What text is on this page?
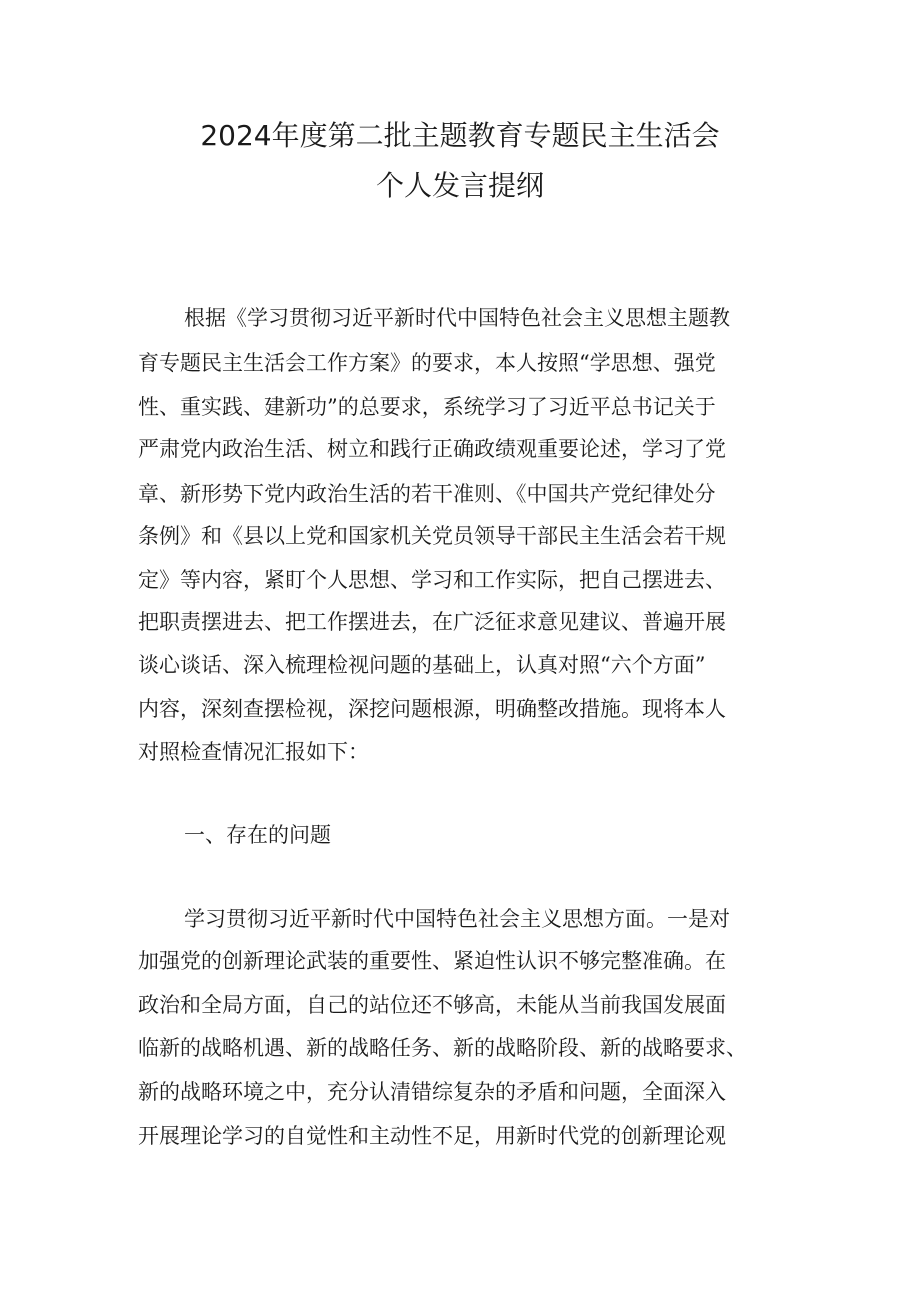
2024年度第二批主题教育专题民主生活会
个人发言提纲
根据《学习贯彻习近平新时代中国特色社会主义思想主题教
育专题民主生活会工作方案》的要求，本人按照“学思想、强党
性、重实践、建新功”的总要求，系统学习了习近平总书记关于
严肃党内政治生活、树立和践行正确政绩观重要论述，学习了党
章、新形势下党内政治生活的若干准则、《中国共产党纪律处分
条例》和《县以上党和国家机关党员领导干部民主生活会若干规
定》等内容，紧盯个人思想、学习和工作实际，把自己摆进去、
把职责摆进去、把工作摆进去，在广泛征求意见建议、普遍开展
谈心谈话、深入梳理检视问题的基础上，认真对照“六个方面”
内容，深刻查摆检视，深挖问题根源，明确整改措施。现将本人
对照检查情况汇报如下：
一、存在的问题
学习贯彻习近平新时代中国特色社会主义思想方面。一是对
加强党的创新理论武装的重要性、紧迫性认识不够完整准确。在
政治和全局方面，自己的站位还不够高，未能从当前我国发展面
临新的战略机遇、新的战略任务、新的战略阶段、新的战略要求、
新的战略环境之中，充分认清错综复杂的矛盾和问题，全面深入
开展理论学习的自觉性和主动性不足，用新时代党的创新理论观
